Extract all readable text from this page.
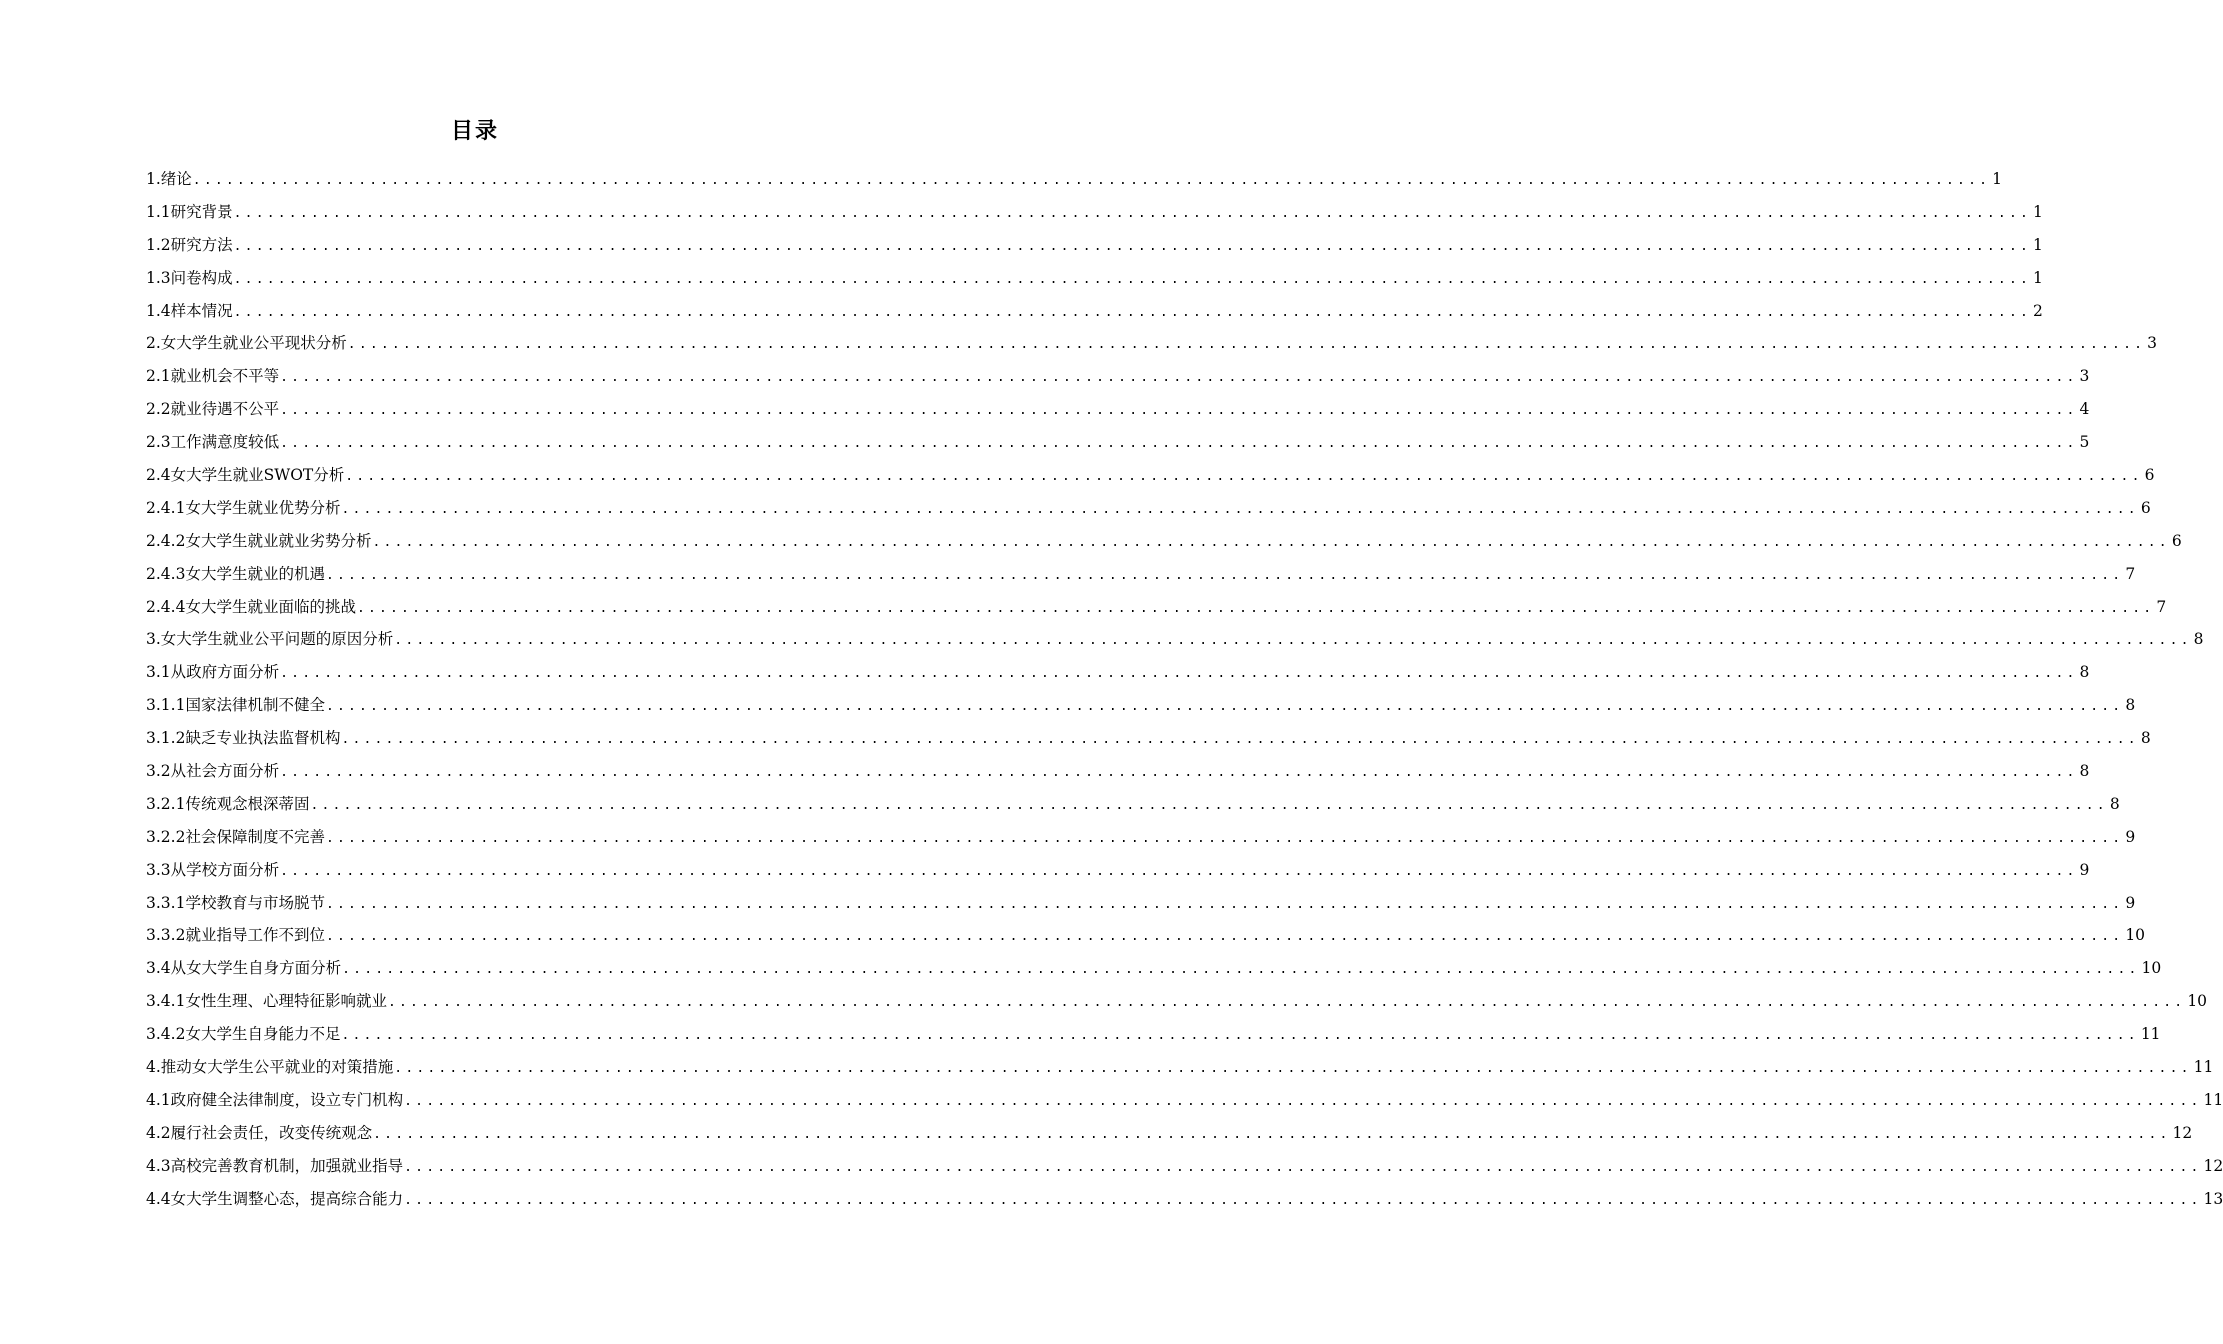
目录
1.绪论 ................................................................................................................................................................... 1
1.1研究背景 ................................................................................................................................................................... 1
1.2研究方法 ................................................................................................................................................................... 1
1.3问卷构成 ................................................................................................................................................................... 1
1.4样本情况 ................................................................................................................................................................... 2
2.女大学生就业公平现状分析 ................................................................................................................................................................... 3
2.1就业机会不平等 ................................................................................................................................................................... 3
2.2就业待遇不公平 ................................................................................................................................................................... 4
2.3工作满意度较低 ................................................................................................................................................................... 5
2.4女大学生就业SWOT分析 ................................................................................................................................................................... 6
2.4.1女大学生就业优势分析 ................................................................................................................................................................... 6
2.4.2女大学生就业就业劣势分析 ................................................................................................................................................................... 6
2.4.3女大学生就业的机遇 ................................................................................................................................................................... 7
2.4.4女大学生就业面临的挑战 ................................................................................................................................................................... 7
3.女大学生就业公平问题的原因分析 ................................................................................................................................................................... 8
3.1从政府方面分析 ................................................................................................................................................................... 8
3.1.1国家法律机制不健全 ................................................................................................................................................................... 8
3.1.2缺乏专业执法监督机构 ................................................................................................................................................................... 8
3.2从社会方面分析 ................................................................................................................................................................... 8
3.2.1传统观念根深蒂固 ................................................................................................................................................................... 8
3.2.2社会保障制度不完善 ................................................................................................................................................................... 9
3.3从学校方面分析 ................................................................................................................................................................... 9
3.3.1学校教育与市场脱节 ................................................................................................................................................................... 9
3.3.2就业指导工作不到位 ................................................................................................................................................................... 10
3.4从女大学生自身方面分析 ................................................................................................................................................................... 10
3.4.1女性生理、心理特征影响就业 ................................................................................................................................................................... 10
3.4.2女大学生自身能力不足 ................................................................................................................................................................... 11
4.推动女大学生公平就业的对策措施 ................................................................................................................................................................... 11
4.1政府健全法律制度，设立专门机构 ................................................................................................................................................................... 11
4.2履行社会责任，改变传统观念 ................................................................................................................................................................... 12
4.3高校完善教育机制，加强就业指导 ................................................................................................................................................................... 12
4.4女大学生调整心态，提高综合能力 ................................................................................................................................................................... 13
